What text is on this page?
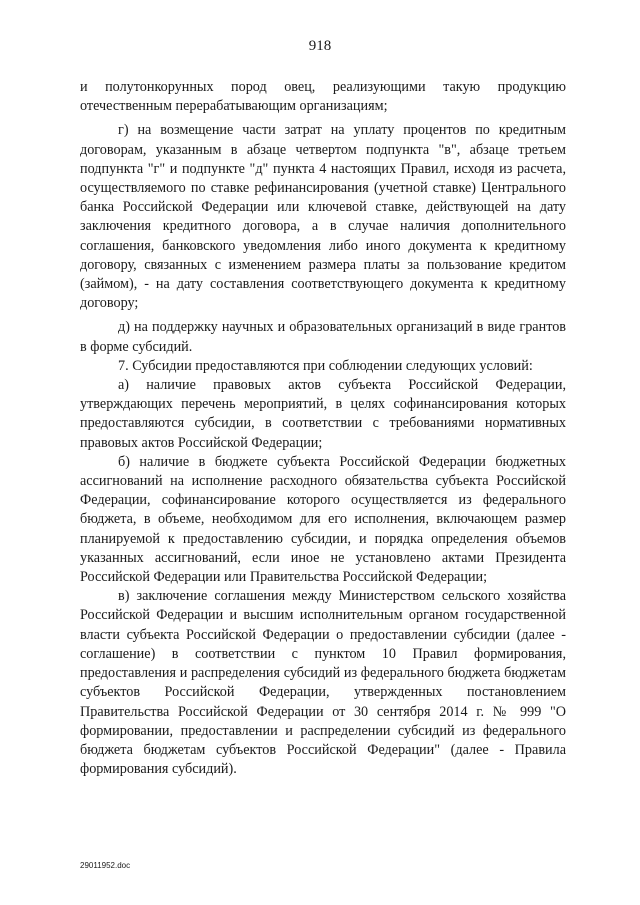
918

и полутонкорунных пород овец, реализующими такую продукцию отечественным перерабатывающим организациям;

г) на возмещение части затрат на уплату процентов по кредитным договорам, указанным в абзаце четвертом подпункта "в", абзаце третьем подпункта "г" и подпункте "д" пункта 4 настоящих Правил, исходя из расчета, осуществляемого по ставке рефинансирования (учетной ставке) Центрального банка Российской Федерации или ключевой ставке, действующей на дату заключения кредитного договора, а в случае наличия дополнительного соглашения, банковского уведомления либо иного документа к кредитному договору, связанных с изменением размера платы за пользование кредитом (займом), - на дату составления соответствующего документа к кредитному договору;

д) на поддержку научных и образовательных организаций в виде грантов в форме субсидий.

7. Субсидии предоставляются при соблюдении следующих условий:

а) наличие правовых актов субъекта Российской Федерации, утверждающих перечень мероприятий, в целях софинансирования которых предоставляются субсидии, в соответствии с требованиями нормативных правовых актов Российской Федерации;

б) наличие в бюджете субъекта Российской Федерации бюджетных ассигнований на исполнение расходного обязательства субъекта Российской Федерации, софинансирование которого осуществляется из федерального бюджета, в объеме, необходимом для его исполнения, включающем размер планируемой к предоставлению субсидии, и порядка определения объемов указанных ассигнований, если иное не установлено актами Президента Российской Федерации или Правительства Российской Федерации;

в) заключение соглашения между Министерством сельского хозяйства Российской Федерации и высшим исполнительным органом государственной власти субъекта Российской Федерации о предоставлении субсидии (далее - соглашение) в соответствии с пунктом 10 Правил формирования, предоставления и распределения субсидий из федерального бюджета бюджетам субъектов Российской Федерации, утвержденных постановлением Правительства Российской Федерации от 30 сентября 2014 г. № 999 "О формировании, предоставлении и распределении субсидий из федерального бюджета бюджетам субъектов Российской Федерации" (далее - Правила формирования субсидий).

29011952.doc
